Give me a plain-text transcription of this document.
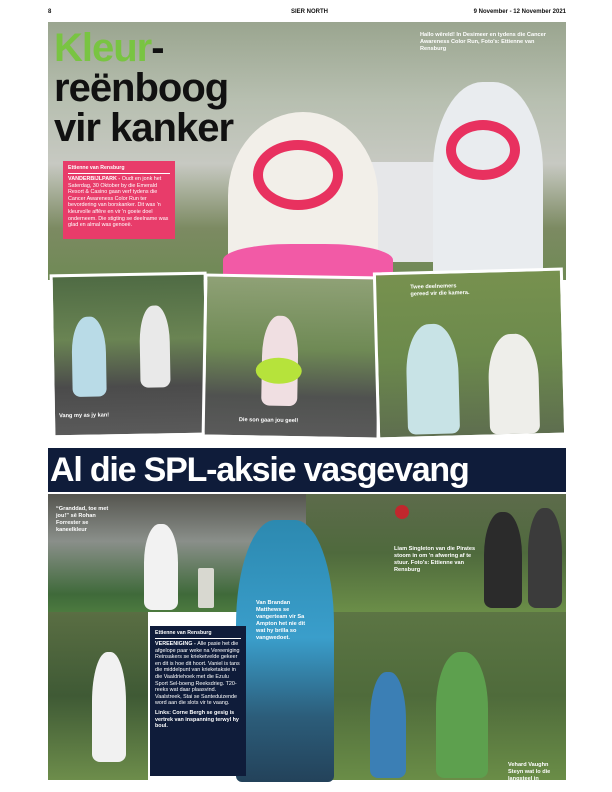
8	SIER NORTH	9 November - 12 November 2021
Kleur-
reënboog
vir kanker
Hallo wêreld! In Desimeer en tydens die Cancer Awareness Color Run, Foto's: Ettienne van Rensburg
Ettienne van Rensburg
VANDERBIJLPARK - Oudt en jonk het Saterdag, 30 Oktober by die Emerald Resort & Casino gaan verf tydens die Cancer Awareness Color Run ter bevordering van borskanker. Dit was 'n kleurvolle affêre en vir 'n goeie doel onderneem. Die stigting se deelname was glad en almal was genoeë.
Vang my as jy kan!
Die son gaan jou geel!
Twee deelnemers gereed vir die kamera.
Al die SPL-aksie vasgevang
“Granddad, toe met jou!” sê Rohan Forrester se kaneelkleur
Liam Singleton van die Pirates stoom in om 'n afwering af te stuur. Foto's: Ettienne van Rensburg
Vehard Vaughn Steyn wat lo die langsteel in
Van Brandan Matthews se vangerteam vir Sa Ampton het nie dit wat hy brilla so vangwedoet.
Ettienne van Rensburg
VEREENIGING - Alle pasie het die afgelope paar weke na Vereeniging Reinsakers se krieketvelde gekeer en dit is hoe dit hoort. Vaniel is tans die middelpunt van krieketaksie in die Vaaldriehoek met die Ezulu Sport Sel-boeng Reeksdrieg. T20-reeks wat daar plaasvind. Vaalstreek, Stai se Santeduizende word aan die slots vir te vaang.
Links: Corne Bergh se gesig is vertrek van inspanning terwyl hy boul.
